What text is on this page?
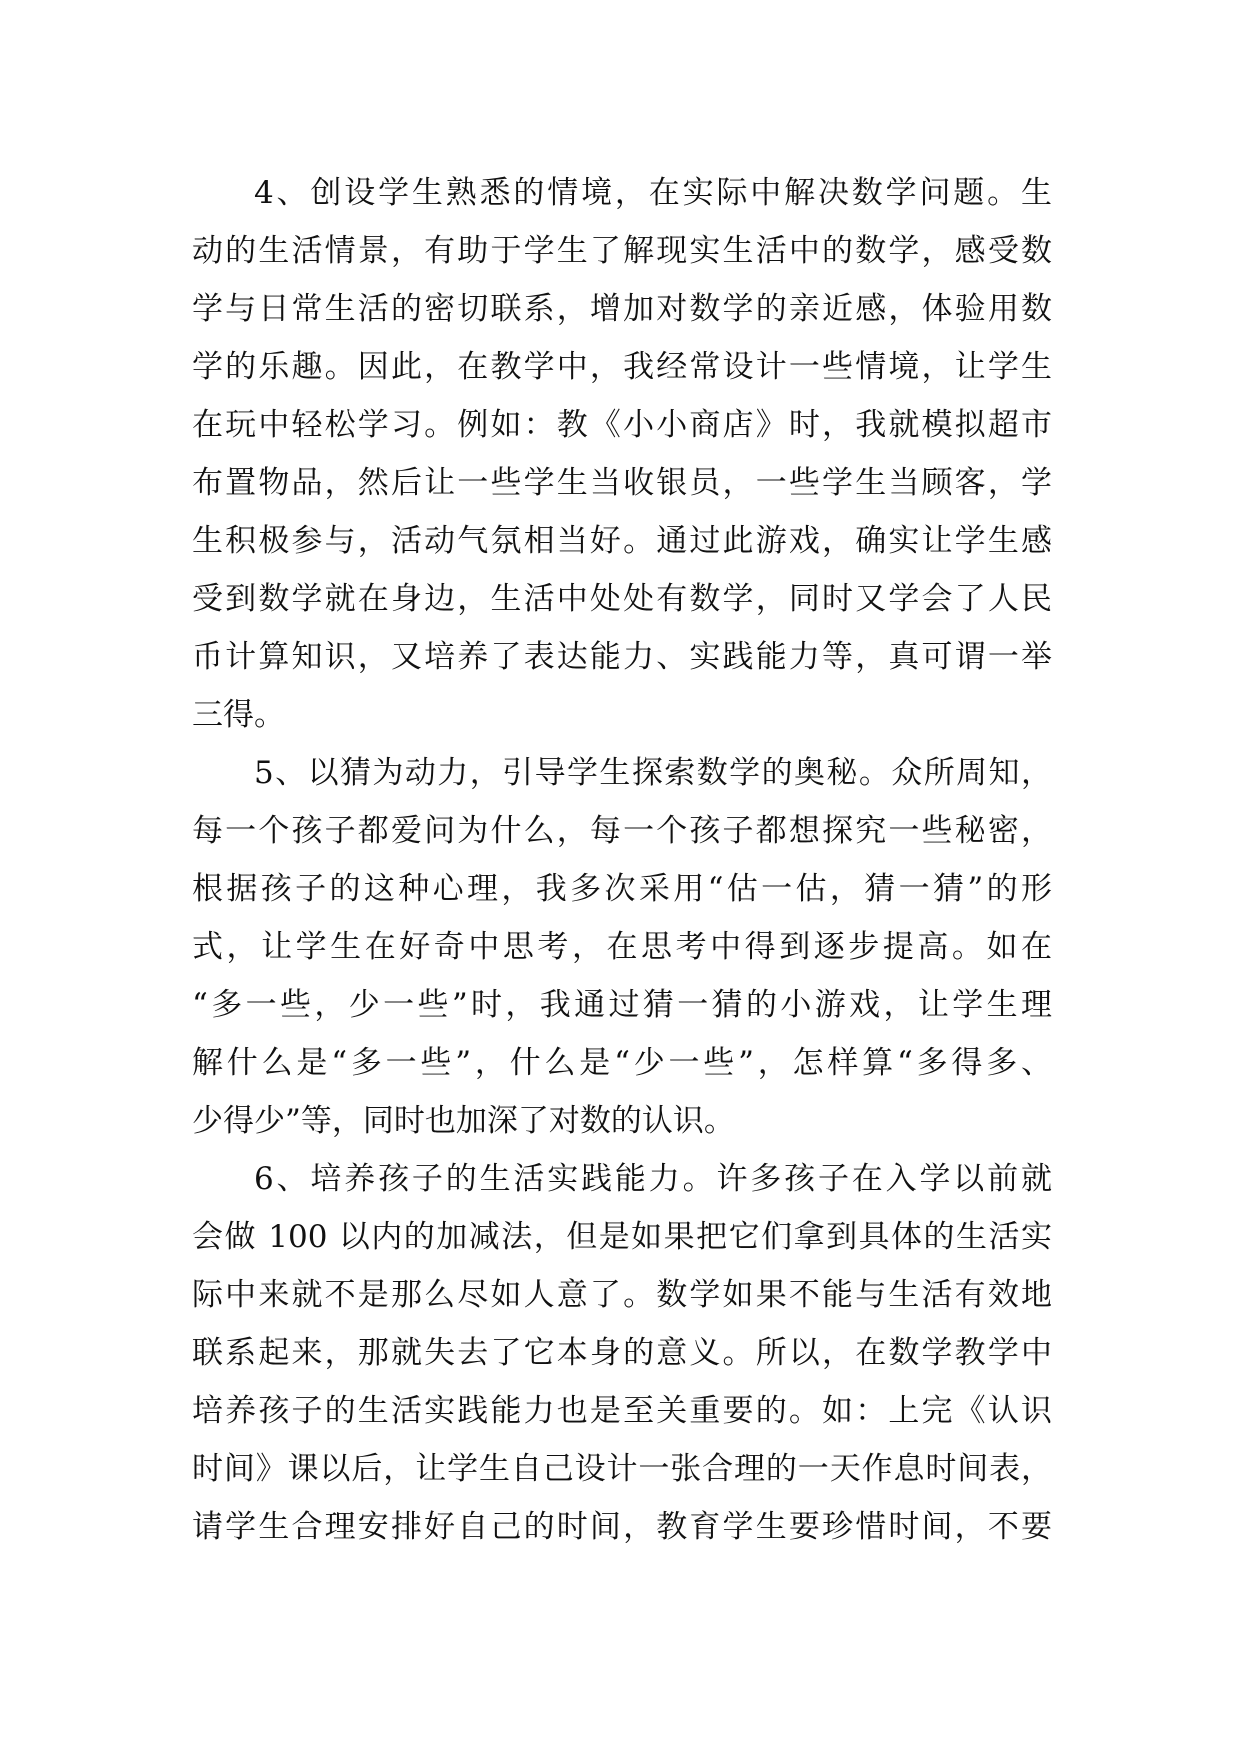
4、创设学生熟悉的情境，在实际中解决数学问题。生
动的生活情景，有助于学生了解现实生活中的数学，感受数
学与日常生活的密切联系，增加对数学的亲近感，体验用数
学的乐趣。因此，在教学中，我经常设计一些情境，让学生
在玩中轻松学习。例如：教《小小商店》时，我就模拟超市
布置物品，然后让一些学生当收银员，一些学生当顾客，学
生积极参与，活动气氛相当好。通过此游戏，确实让学生感
受到数学就在身边，生活中处处有数学，同时又学会了人民
币计算知识，又培养了表达能力、实践能力等，真可谓一举
三得。
5、以猜为动力，引导学生探索数学的奥秘。众所周知，
每一个孩子都爱问为什么，每一个孩子都想探究一些秘密，
根据孩子的这种心理，我多次采用“估一估，猜一猜”的形
式，让学生在好奇中思考，在思考中得到逐步提高。如在
“多一些，少一些”时，我通过猜一猜的小游戏，让学生理
解什么是“多一些”，什么是“少一些”，怎样算“多得多、
少得少”等，同时也加深了对数的认识。
6、培养孩子的生活实践能力。许多孩子在入学以前就
会做 100 以内的加减法，但是如果把它们拿到具体的生活实
际中来就不是那么尽如人意了。数学如果不能与生活有效地
联系起来，那就失去了它本身的意义。所以，在数学教学中
培养孩子的生活实践能力也是至关重要的。如：上完《认识
时间》课以后，让学生自己设计一张合理的一天作息时间表，
请学生合理安排好自己的时间，教育学生要珍惜时间，不要
